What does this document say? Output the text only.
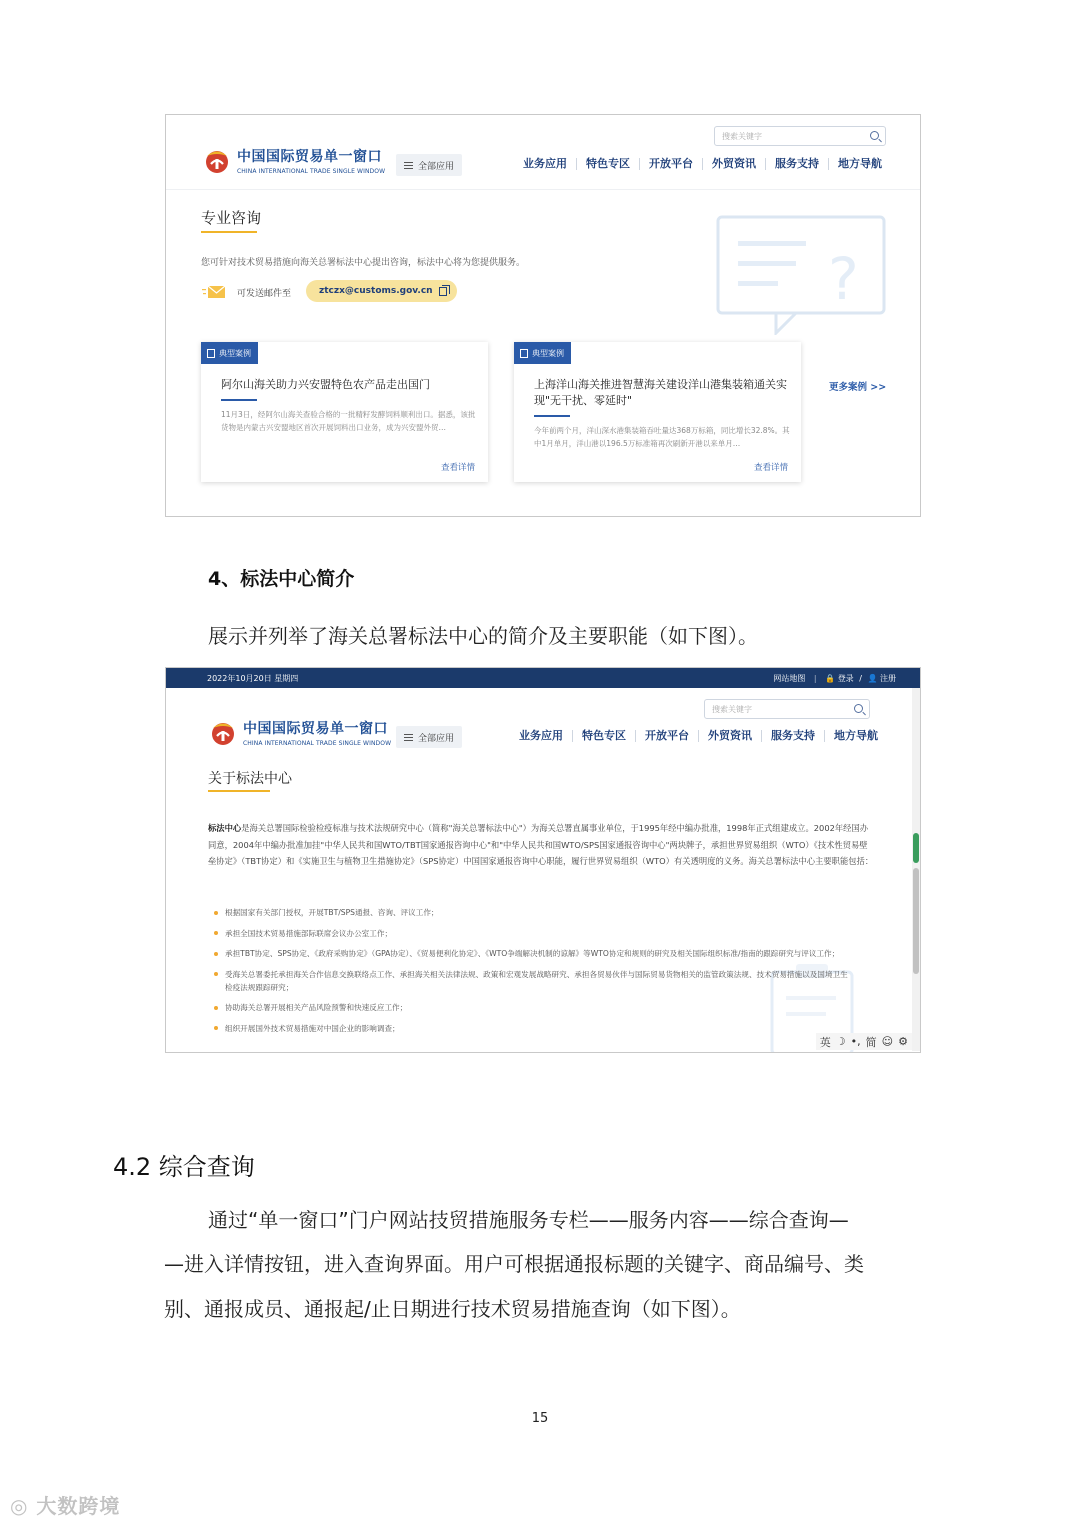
中国国际贸易单一窗口
CHINA INTERNATIONAL TRADE SINGLE WINDOW	全部应用
搜索关键字
业务应用	特色专区	开放平台	外贸资讯	服务支持	地方导航
?
专业咨询
您可针对技术贸易措施向海关总署标法中心提出咨询，标法中心将为您提供服务。
可发送邮件至	ztczx@customs.gov.cn
典型案例
阿尔山海关助力兴安盟特色农产品走出国门
11月3日，经阿尔山海关查验合格的一批精籽发酵饲料顺利出口。据悉，该批货物是内蒙古兴安盟地区首次开展饲料出口业务，成为兴安盟外贸…
查看详情
典型案例
上海洋山海关推进智慧海关建设洋山港集装箱通关实现"无干扰、零延时"
今年前两个月，洋山深水港集装箱吞吐量达368万标箱，同比增长32.8%。其中1月单月，洋山港以196.5万标准箱再次刷新开港以来单月…
查看详情
更多案例 >>
4、标法中心简介
展示并列举了海关总署标法中心的简介及主要职能（如下图）。
2022年10月20日 星期四	网站地图 | 🔒 登录 / 👤 注册
中国国际贸易单一窗口
CHINA INTERNATIONAL TRADE SINGLE WINDOW	全部应用
搜索关键字
业务应用	特色专区	开放平台	外贸资讯	服务支持	地方导航
关于标法中心
标法中心是海关总署国际检验检疫标准与技术法规研究中心（简称"海关总署标法中心"）为海关总署直属事业单位，于1995年经中编办批准，1998年正式组建成立。2002年经国办同意，2004年中编办批准加挂"中华人民共和国WTO/TBT国家通报咨询中心"和"中华人民共和国WTO/SPS国家通报咨询中心"两块牌子，承担世界贸易组织（WTO）《技术性贸易壁垒协定》（TBT协定）和《实施卫生与植物卫生措施协定》（SPS协定）中国国家通报咨询中心职能，履行世界贸易组织（WTO）有关透明度的义务。海关总署标法中心主要职能包括：
根据国家有关部门授权，开展TBT/SPS通报、咨询、评议工作；
承担全国技术贸易措施部际联席会议办公室工作；
承担TBT协定、SPS协定、《政府采购协定》（GPA协定）、《贸易便利化协定》、《WTO争端解决机制的谅解》等WTO协定和规则的研究及相关国际组织标准/指南的跟踪研究与评议工作；
受海关总署委托承担海关合作信息交换联络点工作、承担海关相关法律法规、政策和宏观发展战略研究、承担各贸易伙伴与国际贸易货物相关的监管政策法规、技术贸易措施以及国境卫生检疫法规跟踪研究；
协助海关总署开展相关产品风险预警和快速反应工作；
组织开展国外技术贸易措施对中国企业的影响调查；
英 ☽ •, 简 ☺ ⚙
4.2 综合查询
通过“单一窗口”门户网站技贸措施服务专栏——服务内容——综合查询—
—进入详情按钮，进入查询界面。用户可根据通报标题的关键字、商品编号、类
别、通报成员、通报起/止日期进行技术贸易措施查询（如下图）。
15
◎ 大数跨境
